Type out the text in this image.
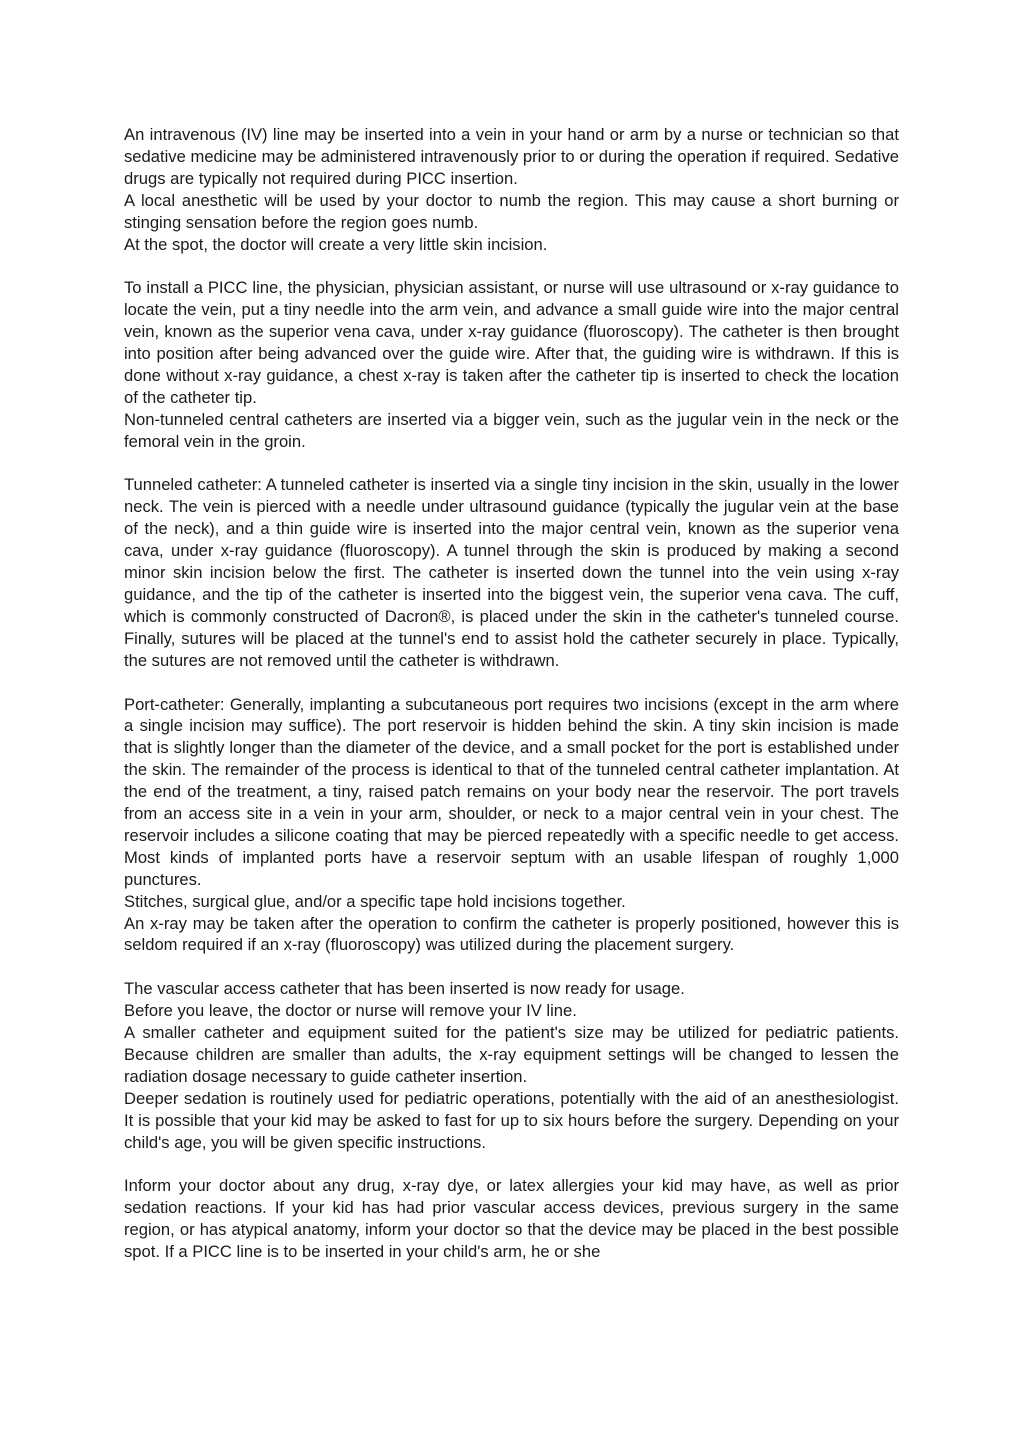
An intravenous (IV) line may be inserted into a vein in your hand or arm by a nurse or technician so that sedative medicine may be administered intravenously prior to or during the operation if required. Sedative drugs are typically not required during PICC insertion.

A local anesthetic will be used by your doctor to numb the region. This may cause a short burning or stinging sensation before the region goes numb.

At the spot, the doctor will create a very little skin incision.

To install a PICC line, the physician, physician assistant, or nurse will use ultrasound or x-ray guidance to locate the vein, put a tiny needle into the arm vein, and advance a small guide wire into the major central vein, known as the superior vena cava, under x-ray guidance (fluoroscopy). The catheter is then brought into position after being advanced over the guide wire. After that, the guiding wire is withdrawn. If this is done without x-ray guidance, a chest x-ray is taken after the catheter tip is inserted to check the location of the catheter tip.

Non-tunneled central catheters are inserted via a bigger vein, such as the jugular vein in the neck or the femoral vein in the groin.

Tunneled catheter: A tunneled catheter is inserted via a single tiny incision in the skin, usually in the lower neck. The vein is pierced with a needle under ultrasound guidance (typically the jugular vein at the base of the neck), and a thin guide wire is inserted into the major central vein, known as the superior vena cava, under x-ray guidance (fluoroscopy). A tunnel through the skin is produced by making a second minor skin incision below the first. The catheter is inserted down the tunnel into the vein using x-ray guidance, and the tip of the catheter is inserted into the biggest vein, the superior vena cava. The cuff, which is commonly constructed of Dacron®, is placed under the skin in the catheter's tunneled course. Finally, sutures will be placed at the tunnel's end to assist hold the catheter securely in place. Typically, the sutures are not removed until the catheter is withdrawn.

Port-catheter: Generally, implanting a subcutaneous port requires two incisions (except in the arm where a single incision may suffice). The port reservoir is hidden behind the skin. A tiny skin incision is made that is slightly longer than the diameter of the device, and a small pocket for the port is established under the skin. The remainder of the process is identical to that of the tunneled central catheter implantation. At the end of the treatment, a tiny, raised patch remains on your body near the reservoir. The port travels from an access site in a vein in your arm, shoulder, or neck to a major central vein in your chest. The reservoir includes a silicone coating that may be pierced repeatedly with a specific needle to get access. Most kinds of implanted ports have a reservoir septum with an usable lifespan of roughly 1,000 punctures.

Stitches, surgical glue, and/or a specific tape hold incisions together.

An x-ray may be taken after the operation to confirm the catheter is properly positioned, however this is seldom required if an x-ray (fluoroscopy) was utilized during the placement surgery.

The vascular access catheter that has been inserted is now ready for usage.

Before you leave, the doctor or nurse will remove your IV line.

A smaller catheter and equipment suited for the patient's size may be utilized for pediatric patients. Because children are smaller than adults, the x-ray equipment settings will be changed to lessen the radiation dosage necessary to guide catheter insertion.

Deeper sedation is routinely used for pediatric operations, potentially with the aid of an anesthesiologist. It is possible that your kid may be asked to fast for up to six hours before the surgery. Depending on your child's age, you will be given specific instructions.

Inform your doctor about any drug, x-ray dye, or latex allergies your kid may have, as well as prior sedation reactions. If your kid has had prior vascular access devices, previous surgery in the same region, or has atypical anatomy, inform your doctor so that the device may be placed in the best possible spot. If a PICC line is to be inserted in your child's arm, he or she
